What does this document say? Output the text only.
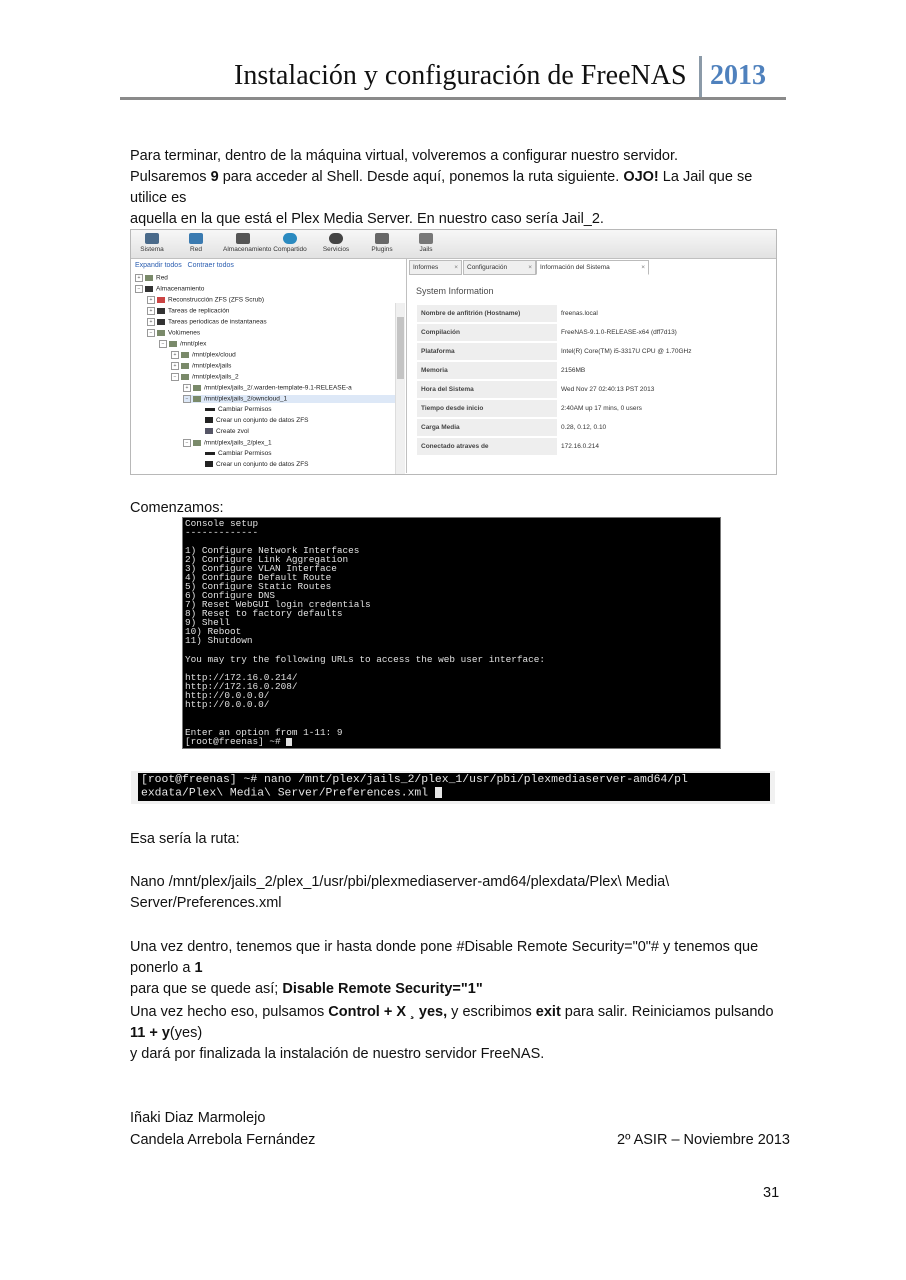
Instalación y configuración de FreeNAS 2013
Para terminar, dentro de la máquina virtual, volveremos a configurar nuestro servidor.
Pulsaremos 9 para acceder al Shell. Desde aquí, ponemos la ruta siguiente. OJO! La Jail que se utilice es
aquella en la que está el Plex Media Server. En nuestro caso sería Jail_2.
Sistema	Red	Almacenamiento Compartido	Servicios	Plugins	Jails
Expandir todos Contraer todos
+ Red
− Almacenamiento
+ Reconstrucción ZFS (ZFS Scrub)
+ Tareas de replicación
+ Tareas periodicas de instantaneas
− Volúmenes
− /mnt/plex
+ /mnt/plex/cloud
+ /mnt/plex/jails
− /mnt/plex/jails_2
+ /mnt/plex/jails_2/.warden-template-9.1-RELEASE-a
− /mnt/plex/jails_2/owncloud_1
Cambiar Permisos
Crear un conjunto de datos ZFS
Create zvol
− /mnt/plex/jails_2/plex_1
Cambiar Permisos
Crear un conjunto de datos ZFS
Informes ×	Configuración	×	Información del Sistema	×
System Information
Nombre de anfitrión (Hostname)	freenas.local
Compilación	FreeNAS-9.1.0-RELEASE-x64 (dff7d13)
Plataforma	Intel(R) Core(TM) i5-3317U CPU @ 1.70GHz
Memoria	2156MB
Hora del Sistema	Wed Nov 27 02:40:13 PST 2013
Tiempo desde inicio	2:40AM up 17 mins, 0 users
Carga Media	0.28, 0.12, 0.10
Conectado atraves de	172.16.0.214
Comenzamos:
Console setup
-------------
1) Configure Network Interfaces
2) Configure Link Aggregation
3) Configure VLAN Interface
4) Configure Default Route
5) Configure Static Routes
6) Configure DNS
7) Reset WebGUI login credentials
8) Reset to factory defaults
9) Shell
10) Reboot
11) Shutdown
You may try the following URLs to access the web user interface:
http://172.16.0.214/
http://172.16.0.208/
http://0.0.0.0/
http://0.0.0.0/
Enter an option from 1-11: 9
[root@freenas] ~#
[root@freenas] ~# nano /mnt/plex/jails_2/plex_1/usr/pbi/plexmediaserver-amd64/pl
exdata/Plex\ Media\ Server/Preferences.xml
Esa sería la ruta:
Nano /mnt/plex/jails_2/plex_1/usr/pbi/plexmediaserver-amd64/plexdata/Plex\ Media\
Server/Preferences.xml
Una vez dentro, tenemos que ir hasta donde pone #Disable Remote Security="0"# y tenemos que ponerlo a 1
para que se quede así; Disable Remote Security="1"
Una vez hecho eso, pulsamos Control + X ¸ yes, y escribimos exit para salir. Reiniciamos pulsando 11 + y(yes)
y dará por finalizada la instalación de nuestro servidor FreeNAS.
Iñaki Diaz Marmolejo
Candela Arrebola Fernández	2º ASIR – Noviembre 2013
31
